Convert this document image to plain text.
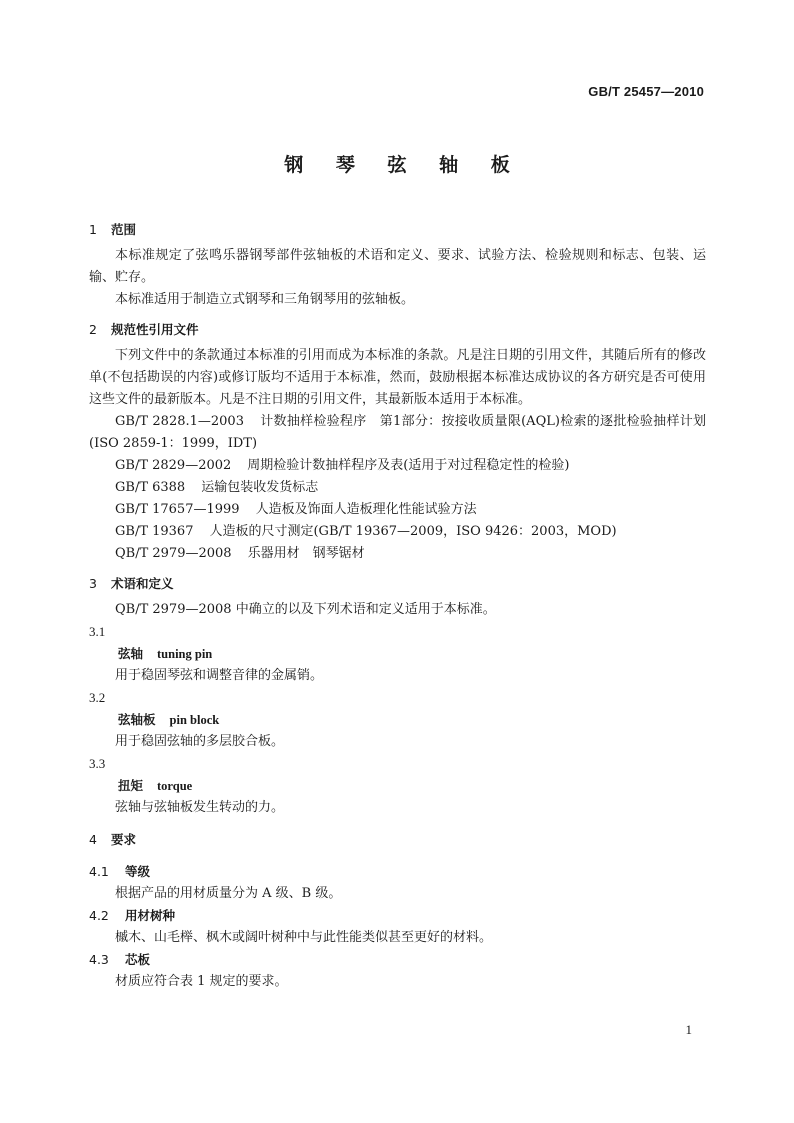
GB/T 25457—2010
钢 琴 弦 轴 板
1 范围

本标准规定了弦鸣乐器钢琴部件弦轴板的术语和定义、要求、试验方法、检验规则和标志、包装、运输、贮存。

本标准适用于制造立式钢琴和三角钢琴用的弦轴板。

2 规范性引用文件

下列文件中的条款通过本标准的引用而成为本标准的条款。凡是注日期的引用文件，其随后所有的修改单(不包括勘误的内容)或修订版均不适用于本标准，然而，鼓励根据本标准达成协议的各方研究是否可使用这些文件的最新版本。凡是不注日期的引用文件，其最新版本适用于本标准。

GB/T 2828.1—2003 计数抽样检验程序　第1部分：按接收质量限(AQL)检索的逐批检验抽样计划(ISO 2859-1：1999，IDT)

GB/T 2829—2002 周期检验计数抽样程序及表(适用于对过程稳定性的检验)

GB/T 6388 运输包装收发货标志

GB/T 17657—1999 人造板及饰面人造板理化性能试验方法

GB/T 19367 人造板的尺寸测定(GB/T 19367—2009，ISO 9426：2003，MOD)

QB/T 2979—2008 乐器用材　钢琴锯材

3 术语和定义

QB/T 2979—2008 中确立的以及下列术语和定义适用于本标准。

3.1
弦轴 tuning pin

用于稳固琴弦和调整音律的金属销。

3.2
弦轴板 pin block

用于稳固弦轴的多层胶合板。

3.3
扭矩 torque

弦轴与弦轴板发生转动的力。

4 要求
4.1 等级

根据产品的用材质量分为 A 级、B 级。

4.2 用材树种

槭木、山毛榉、枫木或阔叶树种中与此性能类似甚至更好的材料。

4.3 芯板

材质应符合表 1 规定的要求。

1
